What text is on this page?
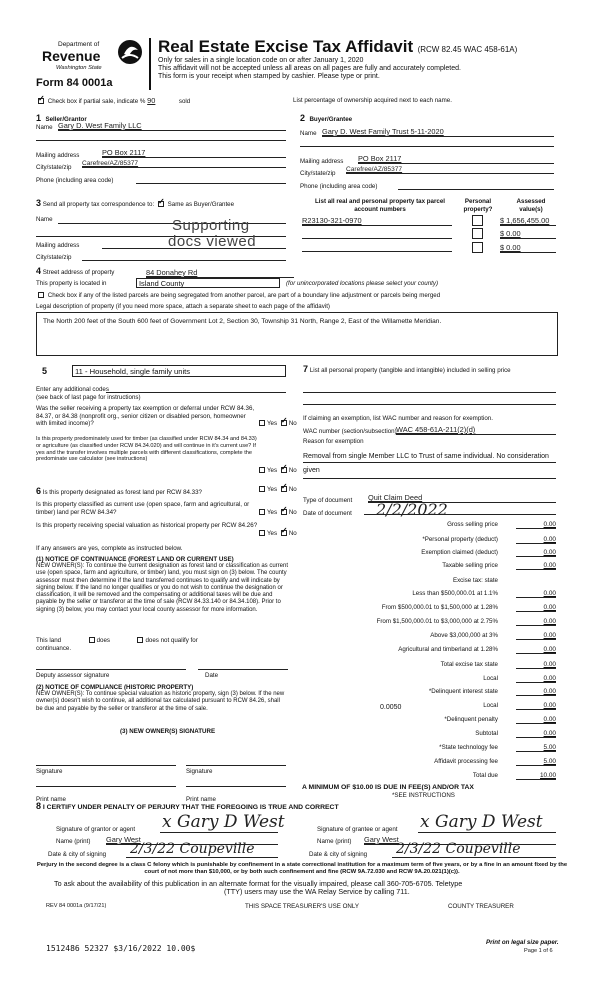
Department of
Revenue
Washington State
Form 84 0001a
Real Estate Excise Tax Affidavit (RCW 82.45 WAC 458-61A)
Only for sales in a single location code on or after January 1, 2020
This affidavit will not be accepted unless all areas on all pages are fully and accurately completed.
This form is your receipt when stamped by cashier. Please type or print.
✓ Check box if partial sale, indicate % 90	sold	List percentage of ownership acquired next to each name.
1 Seller/Grantor
Name Gary D. West Family LLC
Mailing address	PO Box 2117
City/state/zip
Carefree/AZ/85377
Phone (including area code)
2 Buyer/Grantee
Name Gary D. West Family Trust 5-11-2020
Mailing address PO Box 2117
City/state/zip
Carefree/AZ/85377
Phone (including area code)
3 Send all property tax correspondence to: ✓ Same as Buyer/Grantee
Name
Mailing address
City/state/zip
Supporting
docs viewed
List all real and personal property tax parcel account numbers
Personal property?
Assessed value(s)
R23130-321-0970	$ 1,656,455.00
$ 0.00
$ 0.00
4 Street address of property	84 Donahey Rd
This property is located in	Island County	(for unincorporated locations please select your county)
Check box if any of the listed parcels are being segregated from another parcel, are part of a boundary line adjustment or parcels being merged
Legal description of property (if you need more space, attach a separate sheet to each page of the affidavit)
The North 200 feet of the South 600 feet of Government Lot 2, Section 30, Township 31 North, Range 2, East of the Willamette Meridian.
5	11 - Household, single family units
Enter any additional codes
(see back of last page for instructions)
Was the seller receiving a property tax exemption or deferral under RCW 84.36, 84.37, or 84.38 (nonprofit org., senior citizen or disabled person, homeowner with limited income)?	Yes ✓ No
Is this property predominately used for timber (as classified under RCW 84.34 and 84.33) or agriculture (as classified under RCW 84.34.020) and will continue in it's current use? If yes and the transfer involves multiple parcels with different classifications, complete the predominate use calculator (see instructions)
Yes ✓ No
6 Is this property designated as forest land per RCW 84.33?	Yes ✓ No
Is this property classified as current use (open space, farm and agricultural, or timber) land per RCW 84.34?	Yes ✓ No
Is this property receiving special valuation as historical property per RCW 84.26?
Yes ✓ No
If any answers are yes, complete as instructed below.
(1) NOTICE OF CONTINUANCE (FOREST LAND OR CURRENT USE)
NEW OWNER(S): To continue the current designation as forest land or classification as current use (open space, farm and agriculture, or timber) land, you must sign on (3) below. The county assessor must then determine if the land transferred continues to qualify and will indicate by signing below. If the land no longer qualifies or you do not wish to continue the designation or classification, it will be removed and the compensating or additional taxes will be due and payable by the seller or transferor at the time of sale (RCW 84.33.140 or 84.34.108). Prior to signing (3) below, you may contact your local county assessor for more information.
This land	does	does not qualify for
continuance.
Deputy assessor signature	Date
(2) NOTICE OF COMPLIANCE (HISTORIC PROPERTY)
NEW OWNER(S): To continue special valuation as historic property, sign (3) below. If the new owner(s) doesn't wish to continue, all additional tax calculated pursuant to RCW 84.26, shall be due and payable by the seller or transferor at the time of sale.
(3) NEW OWNER(S) SIGNATURE
Signature	Signature
Print name	Print name
7 List all personal property (tangible and intangible) included in selling price
If claiming an exemption, list WAC number and reason for exemption.
WAC number (section/subsection) WAC 458-61A-211(2)(d)
Reason for exemption
Removal from single Member LLC to Trust of same individual. No consideration given
Type of document Quit Claim Deed
Date of document 2/2/2022
Gross selling price	0.00
*Personal property (deduct)	0.00
Exemption claimed (deduct)	0.00
Taxable selling price	0.00
Excise tax: state
Less than $500,000.01 at 1.1%	0.00
From $500,000.01 to $1,500,000 at 1.28%	0.00
From $1,500,000.01 to $3,000,000 at 2.75%	0.00
Above $3,000,000 at 3%	0.00
Agricultural and timberland at 1.28%	0.00
Total excise tax state	0.00
Local	0.00
*Delinquent interest state	0.00
Local	0.00
*Delinquent penalty	0.00
Subtotal	0.00
*State technology fee	5.00
Affidavit processing fee	5.00
Total due	10.00
0.0050
A MINIMUM OF $10.00 IS DUE IN FEE(S) AND/OR TAX
*SEE INSTRUCTIONS
8 I CERTIFY UNDER PENALTY OF PERJURY THAT THE FOREGOING IS TRUE AND CORRECT
Signature of grantor or agent x Gary D West
Name (print) Gary West
Date & city of signing 2/3/22 Coupeville
Signature of grantee or agent x Gary D West
Name (print) Gary West
Date & city of signing 2/3/22 Coupeville
Perjury in the second degree is a class C felony which is punishable by confinement in a state correctional institution for a maximum term of five years, or by a fine in an amount fixed by the court of not more than $10,000, or by both such confinement and fine (RCW 9A.72.030 and RCW 9A.20.021(1)(c)).
To ask about the availability of this publication in an alternate format for the visually impaired, please call 360-705-6705. Teletype
(TTY) users may use the WA Relay Service by calling 711.
REV 84 0001a (9/17/21)	THIS SPACE TREASURER'S USE ONLY	COUNTY TREASURER
1512486 52327 $3/16/2022 10.00$
Print on legal size paper.
Page 1 of 6
